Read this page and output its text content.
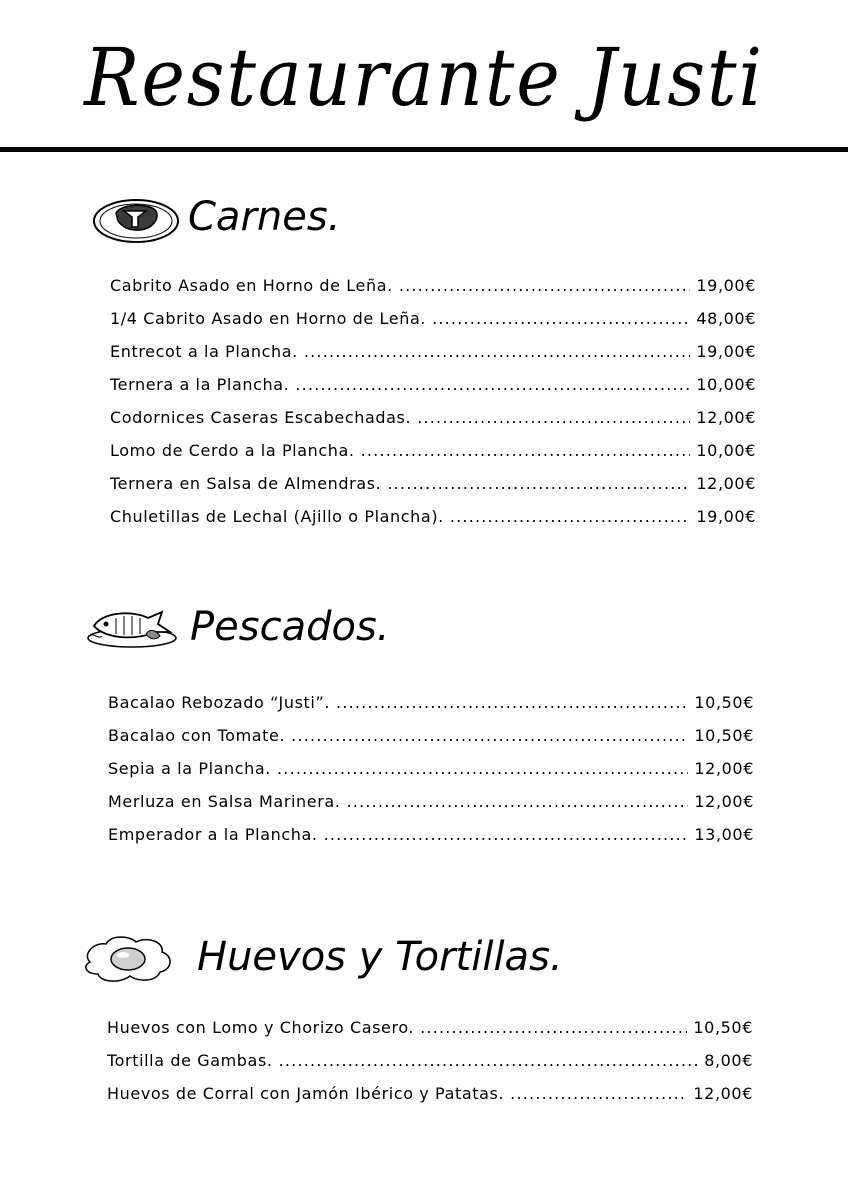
Restaurante Justi
Carnes.
Cabrito Asado en Horno de Leña. .....	19,00€
1/4 Cabrito Asado en Horno de Leña. .....	48,00€
Entrecot a la Plancha. .....	19,00€
Ternera a la Plancha. .....	10,00€
Codornices Caseras Escabechadas. .....	12,00€
Lomo de Cerdo a la Plancha. .....	10,00€
Ternera en Salsa de Almendras. .....	12,00€
Chuletillas de Lechal (Ajillo o Plancha). .....	19,00€
Pescados.
Bacalao Rebozado “Justi”. .....	10,50€
Bacalao con Tomate. .....	10,50€
Sepia a la Plancha. .....	12,00€
Merluza en Salsa Marinera. .....	12,00€
Emperador a la Plancha. .....	13,00€
Huevos y Tortillas.
Huevos con Lomo y Chorizo Casero. .....	10,50€
Tortilla de Gambas. .....	8,00€
Huevos de Corral con Jamón Ibérico y Patatas. .....	12,00€
